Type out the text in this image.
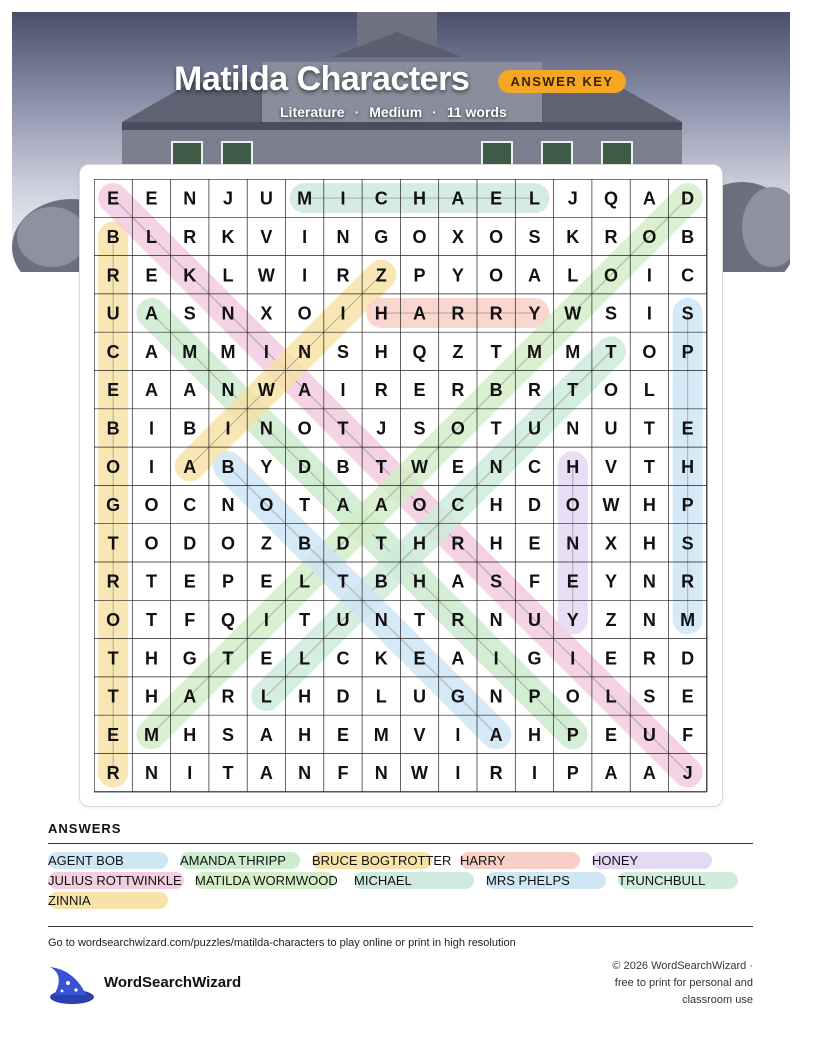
Matilda Characters	ANSWER KEY
Literature · Medium · 11 words
E E N J U M I C H A E L J Q A D
B L R K V I N G O X O S K R O B
R E K L W I R Z P Y O A L O I C
U A S N X O I H A R R Y W S I S
C A M M I N S H Q Z T M M T O P
E A A N W A I R E R B R T O L
B I B I N O T J S O T U N U T E
O I A B Y D B T W E N C H V T H
G O C N O T A A O C H D O W H P
T O D O Z B D T H R H E N X H S
R T E P E L T B H A S F E Y N R
O T F Q I T U N T R N U Y Z N M
T H G T E L C K E A I G I E R D
T H A R L H D L U G N P O L S E
E M H S A H E M V I A H P E U F
R N I T A N F N W I R I P A A J
ANSWERS
AGENT BOB	AMANDA THRIPP	BRUCE BOGTROTTER HARRY	HONEY
JULIUS ROTTWINKLE MATILDA WORMWOOD MICHAEL	MRS PHELPS	TRUNCHBULL
ZINNIA
Go to wordsearchwizard.com/puzzles/matilda-characters to play online or print in high resolution
WordSearchWizard
© 2026 WordSearchWizard ·
free to print for personal and
classroom use
